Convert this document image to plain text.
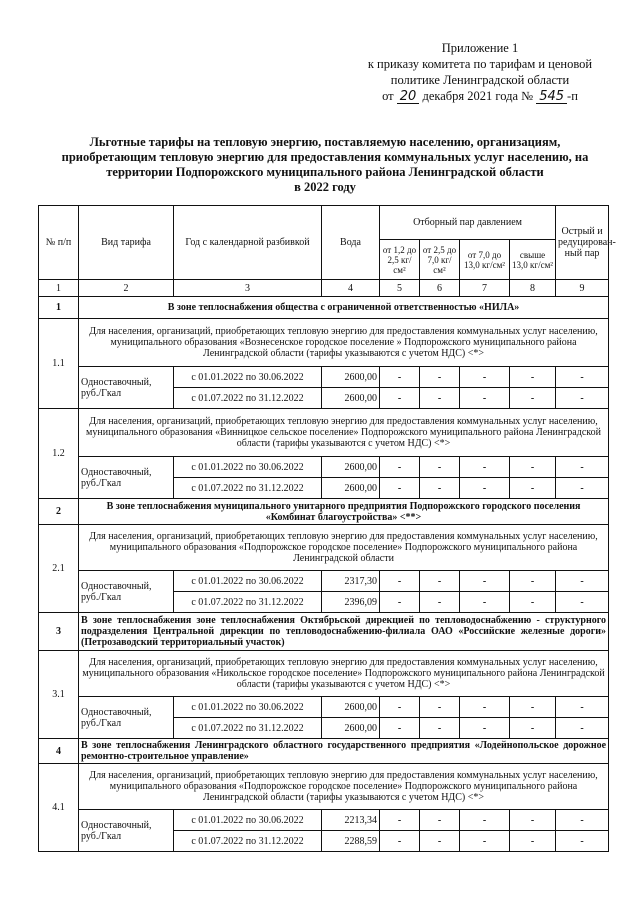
Приложение 1
к приказу комитета по тарифам и ценовой
политике Ленинградской области
от 20 декабря 2021 года № 545 -п
Льготные тарифы на тепловую энергию, поставляемую населению, организациям,
приобретающим тепловую энергию для предоставления коммунальных услуг населению, на
территории Подпорожского муниципального района Ленинградской области
в 2022 году
№ п/п	Вид тарифа	Год с календарной разбивкой	Вода	Отборный пар давлением				Острый и редуцирован-ный пар
				от 1,2 до 2,5 кг/см²	от 2,5 до 7,0 кг/см²	от 7,0 до 13,0 кг/см²	свыше 13,0 кг/см²	
1	2	3	4	5	6	7	8	9
1	В зоне теплоснабжения общества с ограниченной ответственностью «НИЛА»							
1.1	Для населения, организаций, приобретающих тепловую энергию для предоставления коммунальных услуг населению, муниципального образования «Вознесенское городское поселение » Подпорожского муниципального района Ленинградской области (тарифы указываются с учетом НДС) <*>							
	Одноставочный, руб./Гкал	с 01.01.2022 по 30.06.2022	2600,00	-	-	-	-	-
		с 01.07.2022 по 31.12.2022	2600,00	-	-	-	-	-
1.2	Для населения, организаций, приобретающих тепловую энергию для предоставления коммунальных услуг населению, муниципального образования «Винницкое сельское поселение» Подпорожского муниципального района Ленинградской области (тарифы указываются с учетом НДС) <*>							
	Одноставочный, руб./Гкал	с 01.01.2022 по 30.06.2022	2600,00	-	-	-	-	-
		с 01.07.2022 по 31.12.2022	2600,00	-	-	-	-	-
2	В зоне теплоснабжения муниципального унитарного предприятия Подпорожского городского поселения «Комбинат благоустройства» <**>							
2.1	Для населения, организаций, приобретающих тепловую энергию для предоставления коммунальных услуг населению, муниципального образования «Подпорожское городское поселение» Подпорожского муниципального района Ленинградской области							
	Одноставочный, руб./Гкал	с 01.01.2022 по 30.06.2022	2317,30	-	-	-	-	-
		с 01.07.2022 по 31.12.2022	2396,09	-	-	-	-	-
3	В зоне теплоснабжения зоне теплоснабжения Октябрьской дирекцией по тепловодоснабжению - структурного подразделения Центральной дирекции по тепловодоснабжению-филиала ОАО «Российские железные дороги» (Петрозаводский территориальный участок)							
3.1	Для населения, организаций, приобретающих тепловую энергию для предоставления коммунальных услуг населению, муниципального образования «Никольское городское поселение» Подпорожского муниципального района Ленинградской области (тарифы указываются с учетом НДС) <*>							
	Одноставочный, руб./Гкал	с 01.01.2022 по 30.06.2022	2600,00	-	-	-	-	-
		с 01.07.2022 по 31.12.2022	2600,00	-	-	-	-	-
4	В зоне теплоснабжения Ленинградского областного государственного предприятия «Лодейнопольское дорожное ремонтно-строительное управление»							
4.1	Для населения, организаций, приобретающих тепловую энергию для предоставления коммунальных услуг населению, муниципального образования «Подпорожское городское поселение» Подпорожского муниципального района Ленинградской области (тарифы указываются с учетом НДС) <*>							
	Одноставочный, руб./Гкал	с 01.01.2022 по 30.06.2022	2213,34	-	-	-	-	-
		с 01.07.2022 по 31.12.2022	2288,59	-	-	-	-	-
